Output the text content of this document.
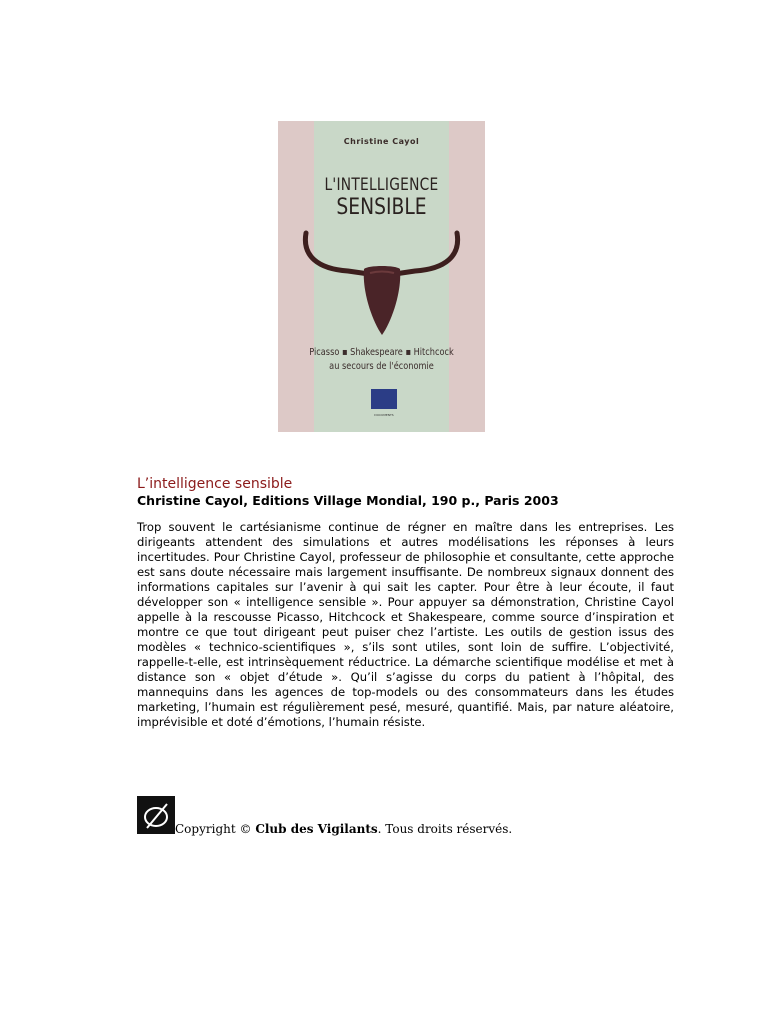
Christine Cayol
L'INTELLIGENCE
SENSIBLE
Picasso ▪ Shakespeare ▪ Hitchcock
au secours de l'économie
DOCUMENTS
L’intelligence sensible
Christine Cayol, Editions Village Mondial, 190 p., Paris 2003
Trop souvent le cartésianisme continue de régner en maître dans les entreprises. Les dirigeants attendent des simulations et autres modélisations les réponses à leurs incertitudes. Pour Christine Cayol, professeur de philosophie et consultante, cette approche est sans doute nécessaire mais largement insuffisante. De nombreux signaux donnent des informations capitales sur l’avenir à qui sait les capter. Pour être à leur écoute, il faut développer son « intelligence sensible ». Pour appuyer sa démonstration, Christine Cayol appelle à la rescousse Picasso, Hitchcock et Shakespeare, comme source d’inspiration et montre ce que tout dirigeant peut puiser chez l’artiste. Les outils de gestion issus des modèles « technico-scientifiques », s’ils sont utiles, sont loin de suffire. L’objectivité, rappelle-t-elle, est intrinsèquement réductrice. La démarche scientifique modélise et met à distance son « objet d’étude ». Qu’il s’agisse du corps du patient à l’hôpital, des mannequins dans les agences de top-models ou des consommateurs dans les études marketing, l’humain est régulièrement pesé, mesuré, quantifié. Mais, par nature aléatoire, imprévisible et doté d’émotions, l’humain résiste.
Copyright © Club des Vigilants. Tous droits réservés.
